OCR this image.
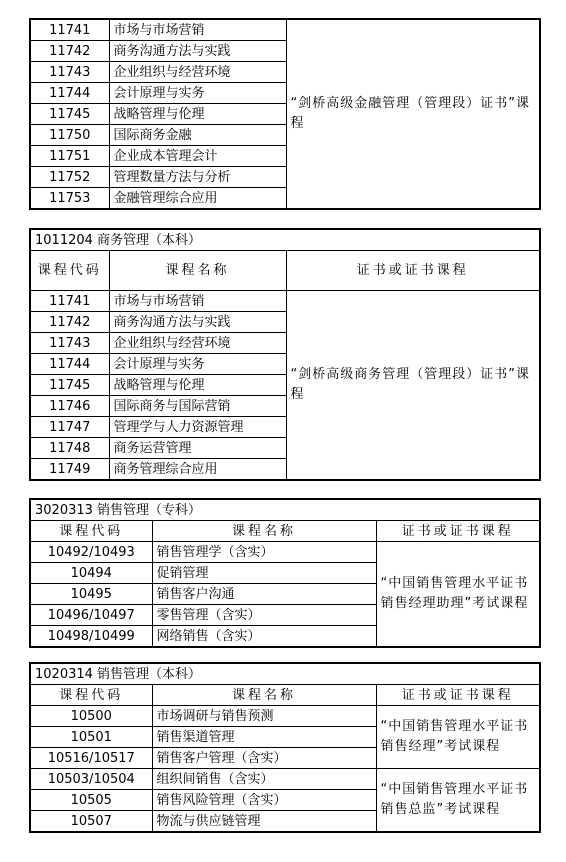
11741	市场与市场营销	“剑桥高级金融管理（管理段）证书”课程
11742	商务沟通方法与实践	
11743	企业组织与经营环境	
11744	会计原理与实务	
11745	战略管理与伦理	
11750	国际商务金融	
11751	企业成本管理会计	
11752	管理数量方法与分析	
11753	金融管理综合应用	
1011204 商务管理（本科）		
课程代码	课程名称	证书或证书课程
11741	市场与市场营销	“剑桥高级商务管理（管理段）证书”课程
11742	商务沟通方法与实践	
11743	企业组织与经营环境	
11744	会计原理与实务	
11745	战略管理与伦理	
11746	国际商务与国际营销	
11747	管理学与人力资源管理	
11748	商务运营管理	
11749	商务管理综合应用	
3020313 销售管理（专科）		
课程代码	课程名称	证书或证书课程
10492/10493	销售管理学（含实）	“中国销售管理水平证书销售经理助理”考试课程
10494	促销管理	
10495	销售客户沟通	
10496/10497	零售管理（含实）	
10498/10499	网络销售（含实）	
1020314 销售管理（本科）		
课程代码	课程名称	证书或证书课程
10500	市场调研与销售预测	“中国销售管理水平证书销售经理”考试课程
10501	销售渠道管理	
10516/10517	销售客户管理（含实）	
10503/10504	组织间销售（含实）	“中国销售管理水平证书销售总监”考试课程
10505	销售风险管理（含实）	
10507	物流与供应链管理	
